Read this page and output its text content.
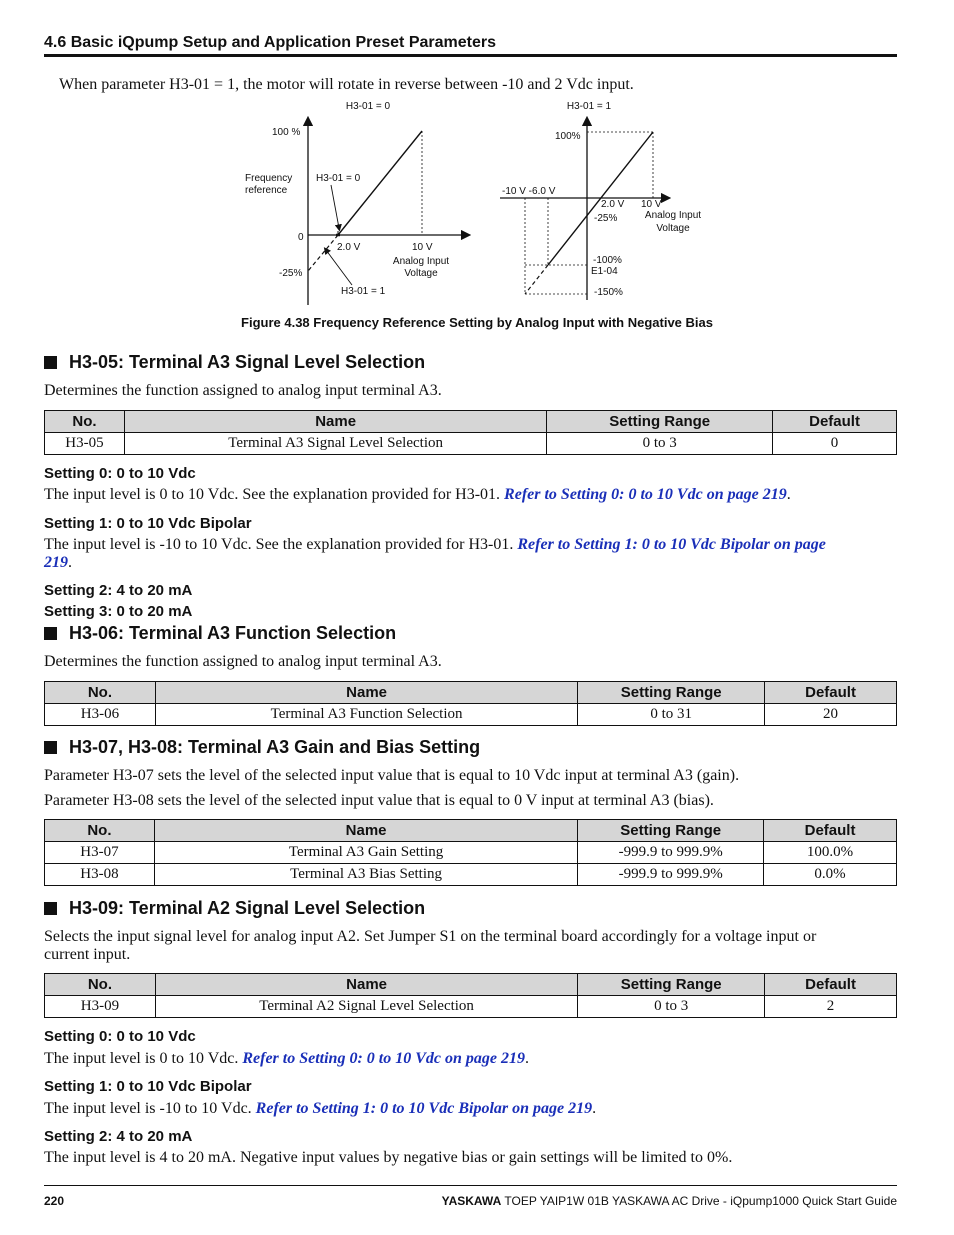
4.6 Basic iQpump Setup and Application Preset Parameters
When parameter H3-01 = 1, the motor will rotate in reverse between -10 and 2 Vdc input.
H3-01 = 0
100 %
Frequency
reference
0
-25%
H3-01 = 0
2.0 V	10 V
Analog Input
Voltage
H3-01 = 1
H3-01 = 1
100%
-10 V -6.0 V
2.0 V 10 V
-25%	Analog Input
Voltage
-100%
E1-04
-150%
Figure 4.38 Frequency Reference Setting by Analog Input with Negative Bias
H3-05: Terminal A3 Signal Level Selection
Determines the function assigned to analog input terminal A3.
No.	Name	Setting Range	Default
H3-05	Terminal A3 Signal Level Selection	0 to 3	0
Setting 0: 0 to 10 Vdc
The input level is 0 to 10 Vdc. See the explanation provided for H3-01. Refer to Setting 0: 0 to 10 Vdc on page 219.
Setting 1: 0 to 10 Vdc Bipolar
The input level is -10 to 10 Vdc. See the explanation provided for H3-01. Refer to Setting 1: 0 to 10 Vdc Bipolar on page
219.
Setting 2: 4 to 20 mA
Setting 3: 0 to 20 mA
H3-06: Terminal A3 Function Selection
Determines the function assigned to analog input terminal A3.
No.	Name	Setting Range	Default
H3-06	Terminal A3 Function Selection	0 to 31	20
H3-07, H3-08: Terminal A3 Gain and Bias Setting
Parameter H3-07 sets the level of the selected input value that is equal to 10 Vdc input at terminal A3 (gain).
Parameter H3-08 sets the level of the selected input value that is equal to 0 V input at terminal A3 (bias).
No.	Name	Setting Range	Default
H3-07	Terminal A3 Gain Setting	-999.9 to 999.9%	100.0%
H3-08	Terminal A3 Bias Setting	-999.9 to 999.9%	0.0%
H3-09: Terminal A2 Signal Level Selection
Selects the input signal level for analog input A2. Set Jumper S1 on the terminal board accordingly for a voltage input or
current input.
No.	Name	Setting Range	Default
H3-09	Terminal A2 Signal Level Selection	0 to 3	2
Setting 0: 0 to 10 Vdc
The input level is 0 to 10 Vdc. Refer to Setting 0: 0 to 10 Vdc on page 219.
Setting 1: 0 to 10 Vdc Bipolar
The input level is -10 to 10 Vdc. Refer to Setting 1: 0 to 10 Vdc Bipolar on page 219.
Setting 2: 4 to 20 mA
The input level is 4 to 20 mA. Negative input values by negative bias or gain settings will be limited to 0%.
220	YASKAWA TOEP YAIP1W 01B YASKAWA AC Drive - iQpump1000 Quick Start Guide
